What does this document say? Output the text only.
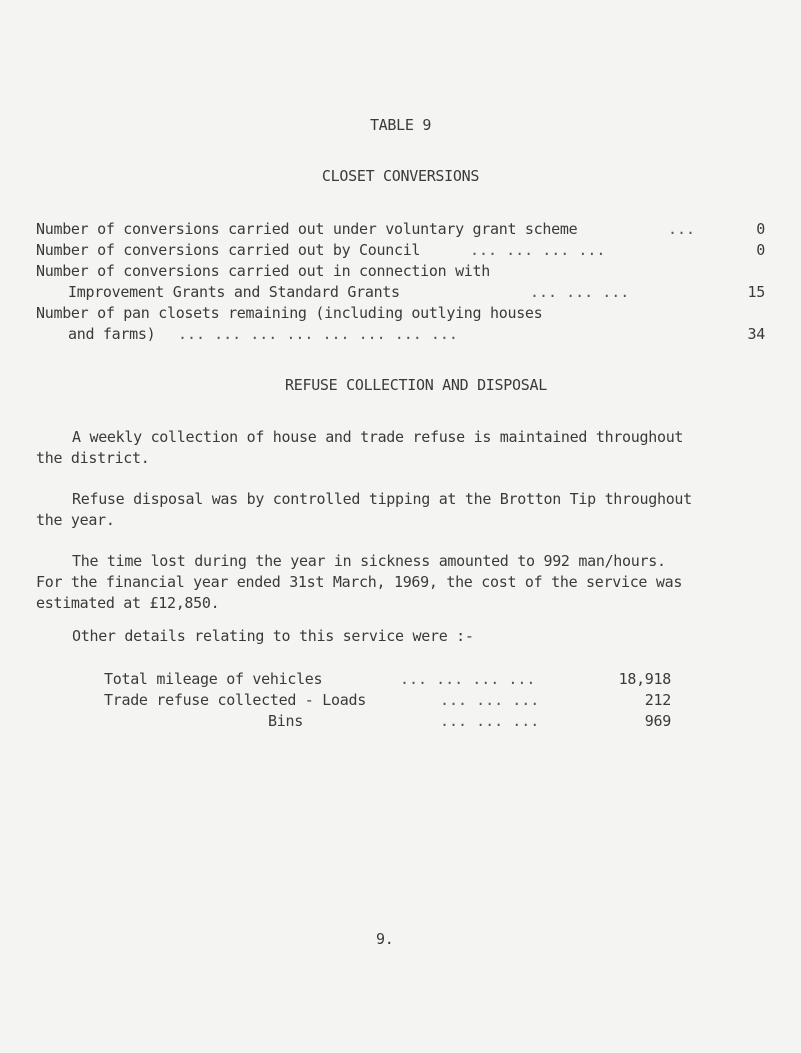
TABLE 9
CLOSET CONVERSIONS
Number of conversions carried out under voluntary grant scheme	...	0
Number of conversions carried out by Council	... ... ... ...	0
Number of conversions carried out in connection with
Improvement Grants and Standard Grants	... ... ...	15
Number of pan closets remaining (including outlying houses
and farms) ... ... ... ... ... ... ... ...	34
REFUSE COLLECTION AND DISPOSAL
A weekly collection of house and trade refuse is maintained throughout
the district.
Refuse disposal was by controlled tipping at the Brotton Tip throughout
the year.
The time lost during the year in sickness amounted to 992 man/hours.
For the financial year ended 31st March, 1969, the cost of the service was
estimated at £12,850.
Other details relating to this service were :-
Total mileage of vehicles	... ... ... ...	18,918
Trade refuse collected - Loads	... ... ...	212
Bins	... ... ...	969
9.
